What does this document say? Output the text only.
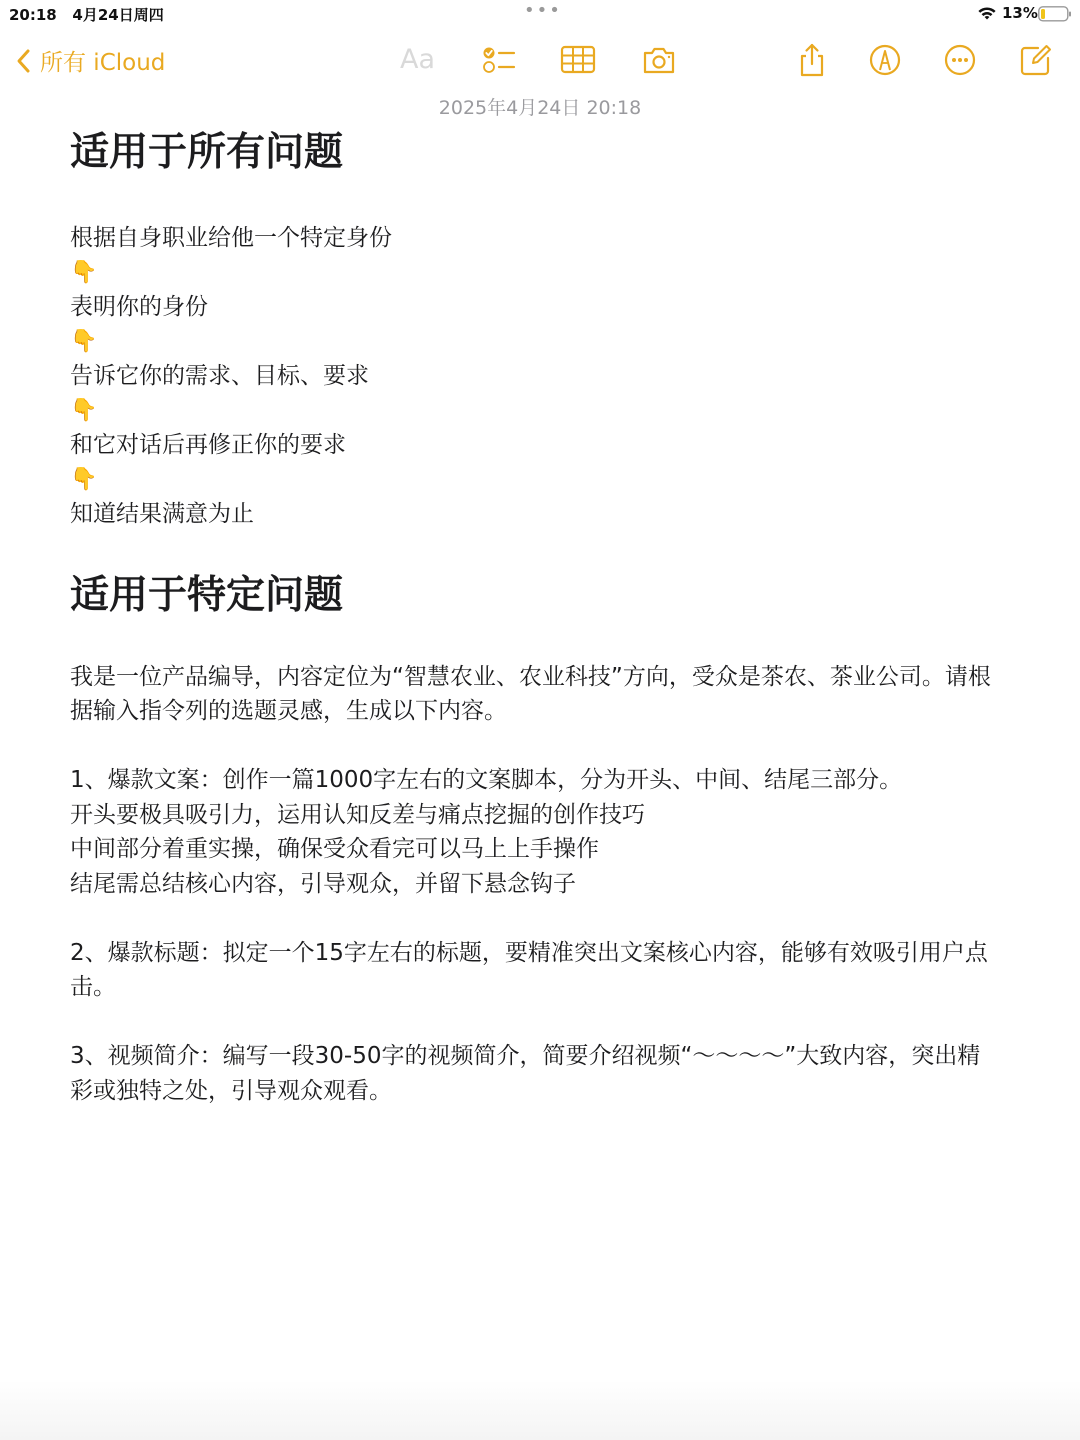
20:18 4月24日周四	•••	13%
所有 iCloud	Aa
2025年4月24日 20:18
适用于所有问题

根据自身职业给他一个特定身份

👇

表明你的身份

👇

告诉它你的需求、目标、要求

👇

和它对话后再修正你的要求

👇

知道结果满意为止

适用于特定问题

我是一位产品编导，内容定位为“智慧农业、农业科技”方向，受众是茶农、茶业公司。请根据输入指令列的选题灵感，生成以下内容。

1、爆款文案：创作一篇1000字左右的文案脚本，分为开头、中间、结尾三部分。

开头要极具吸引力，运用认知反差与痛点挖掘的创作技巧

中间部分着重实操，确保受众看完可以马上上手操作

结尾需总结核心内容，引导观众，并留下悬念钩子

2、爆款标题：拟定一个15字左右的标题，要精准突出文案核心内容，能够有效吸引用户点击。

3、视频简介：编写一段30-50字的视频简介，简要介绍视频“～～～～”大致内容，突出精彩或独特之处，引导观众观看。
